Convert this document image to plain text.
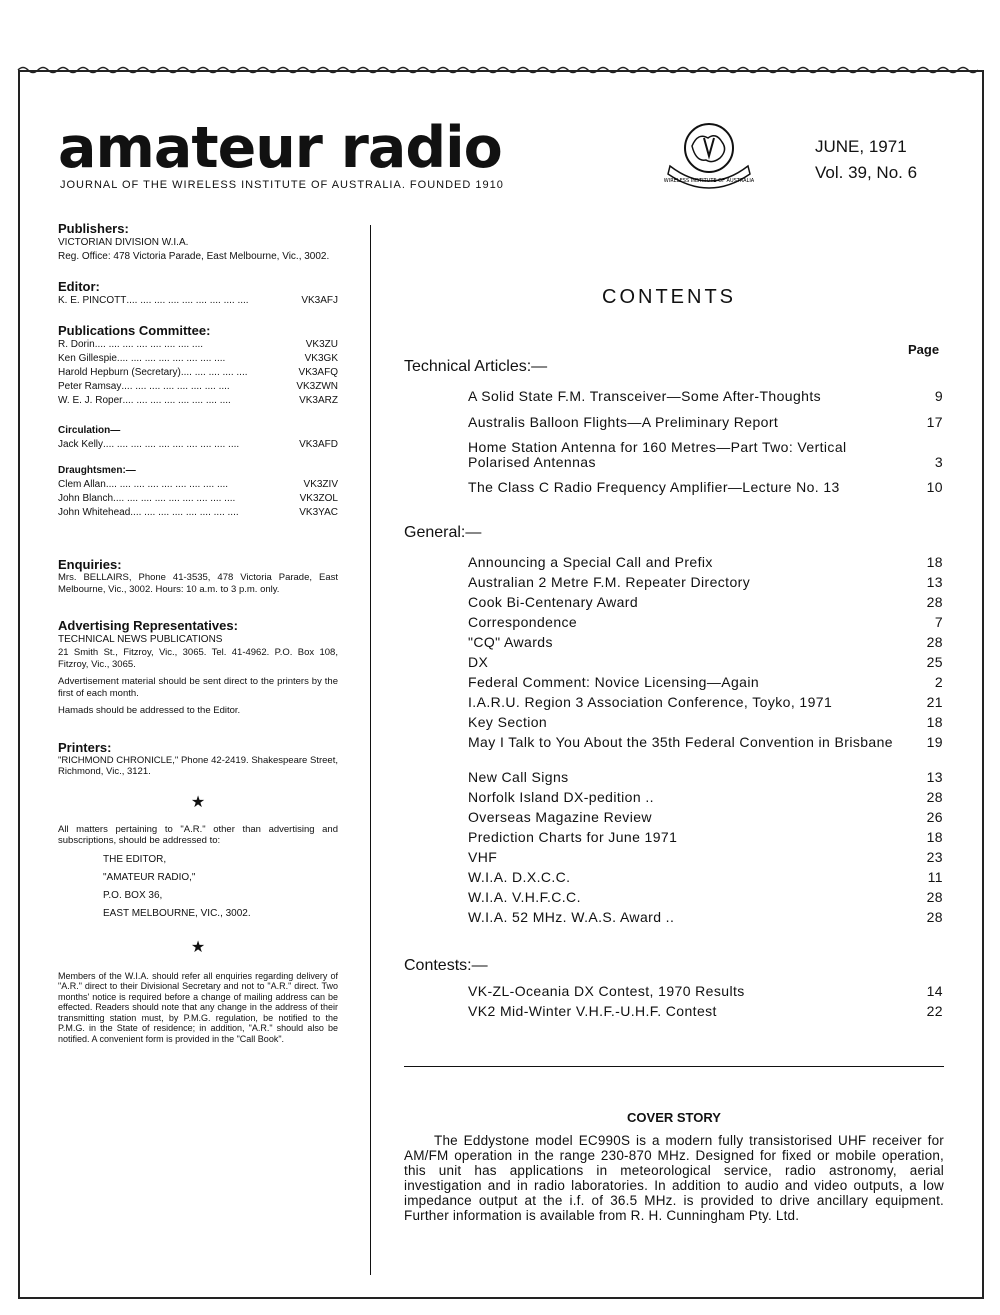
amateur radio
JOURNAL OF THE WIRELESS INSTITUTE OF AUSTRALIA. FOUNDED 1910	WIRELESS INSTITUTE OF AUSTRALIA
JUNE, 1971
Vol. 39, No. 6
Publishers:
VICTORIAN DIVISION W.I.A.
Reg. Office: 478 Victoria Parade, East Melbourne, Vic., 3002.
Editor:
K. E. PINCOTT .... .... .... .... .... .... .... .... ....	VK3AFJ
Publications Committee:
R. Dorin .... .... .... .... .... .... .... ....	VK3ZU
Ken Gillespie .... .... .... .... .... .... .... ....	VK3GK
Harold Hepburn (Secretary) .... .... .... .... ....	VK3AFQ
Peter Ramsay .... .... .... .... .... .... .... ....	VK3ZWN
W. E. J. Roper .... .... .... .... .... .... .... ....	VK3ARZ
Circulation—
Jack Kelly .... .... .... .... .... .... .... .... .... ....	VK3AFD
Draughtsmen:—
Clem Allan .... .... .... .... .... .... .... .... ....	VK3ZIV
John Blanch .... .... .... .... .... .... .... .... ....	VK3ZOL
John Whitehead .... .... .... .... .... .... .... ....	VK3YAC
Enquiries:
Mrs. BELLAIRS, Phone 41-3535, 478 Victoria Parade, East Melbourne, Vic., 3002. Hours: 10 a.m. to 3 p.m. only.
Advertising Representatives:
TECHNICAL NEWS PUBLICATIONS
21 Smith St., Fitzroy, Vic., 3065. Tel. 41-4962. P.O. Box 108, Fitzroy, Vic., 3065.
Advertisement material should be sent direct to the printers by the first of each month.
Hamads should be addressed to the Editor.
Printers:
"RICHMOND CHRONICLE," Phone 42-2419. Shakespeare Street, Richmond, Vic., 3121.
★
All matters pertaining to "A.R." other than advertising and subscriptions, should be addressed to:
THE EDITOR,
"AMATEUR RADIO,"
P.O. BOX 36,
EAST MELBOURNE, VIC., 3002.
★
Members of the W.I.A. should refer all enquiries regarding delivery of "A.R." direct to their Divisional Secretary and not to "A.R." direct. Two months' notice is required before a change of mailing address can be effected. Readers should note that any change in the address of their transmitting station must, by P.M.G. regulation, be notified to the P.M.G. in the State of residence; in addition, "A.R." should also be notified. A convenient form is provided in the "Call Book".
CONTENTS
Page
Technical Articles:—
A Solid State F.M. Transceiver—Some After-Thoughts	9
Australis Balloon Flights—A Preliminary Report	17
Home Station Antenna for 160 Metres—Part Two: Vertical Polarised Antennas	3
The Class C Radio Frequency Amplifier—Lecture No. 13	10
General:—
Announcing a Special Call and Prefix	18
Australian 2 Metre F.M. Repeater Directory	13
Cook Bi-Centenary Award	28
Correspondence	7
"CQ" Awards	28
DX	25
Federal Comment: Novice Licensing—Again	2
I.A.R.U. Region 3 Association Conference, Toyko, 1971	21
Key Section	18
May I Talk to You About the 35th Federal Convention in Brisbane	19
New Call Signs	13
Norfolk Island DX-pedition ..	28
Overseas Magazine Review	26
Prediction Charts for June 1971	18
VHF	23
W.I.A. D.X.C.C.	11
W.I.A. V.H.F.C.C.	28
W.I.A. 52 MHz. W.A.S. Award ..	28
Contests:—
VK-ZL-Oceania DX Contest, 1970 Results	14
VK2 Mid-Winter V.H.F.-U.H.F. Contest	22
COVER STORY
The Eddystone model EC990S is a modern fully transistorised UHF receiver for AM/FM operation in the range 230-870 MHz. Designed for fixed or mobile operation, this unit has applications in meteorological service, radio astronomy, aerial investigation and in radio laboratories. In addition to audio and video outputs, a low impedance output at the i.f. of 36.5 MHz. is provided to drive ancillary equipment. Further information is available from R. H. Cunningham Pty. Ltd.
